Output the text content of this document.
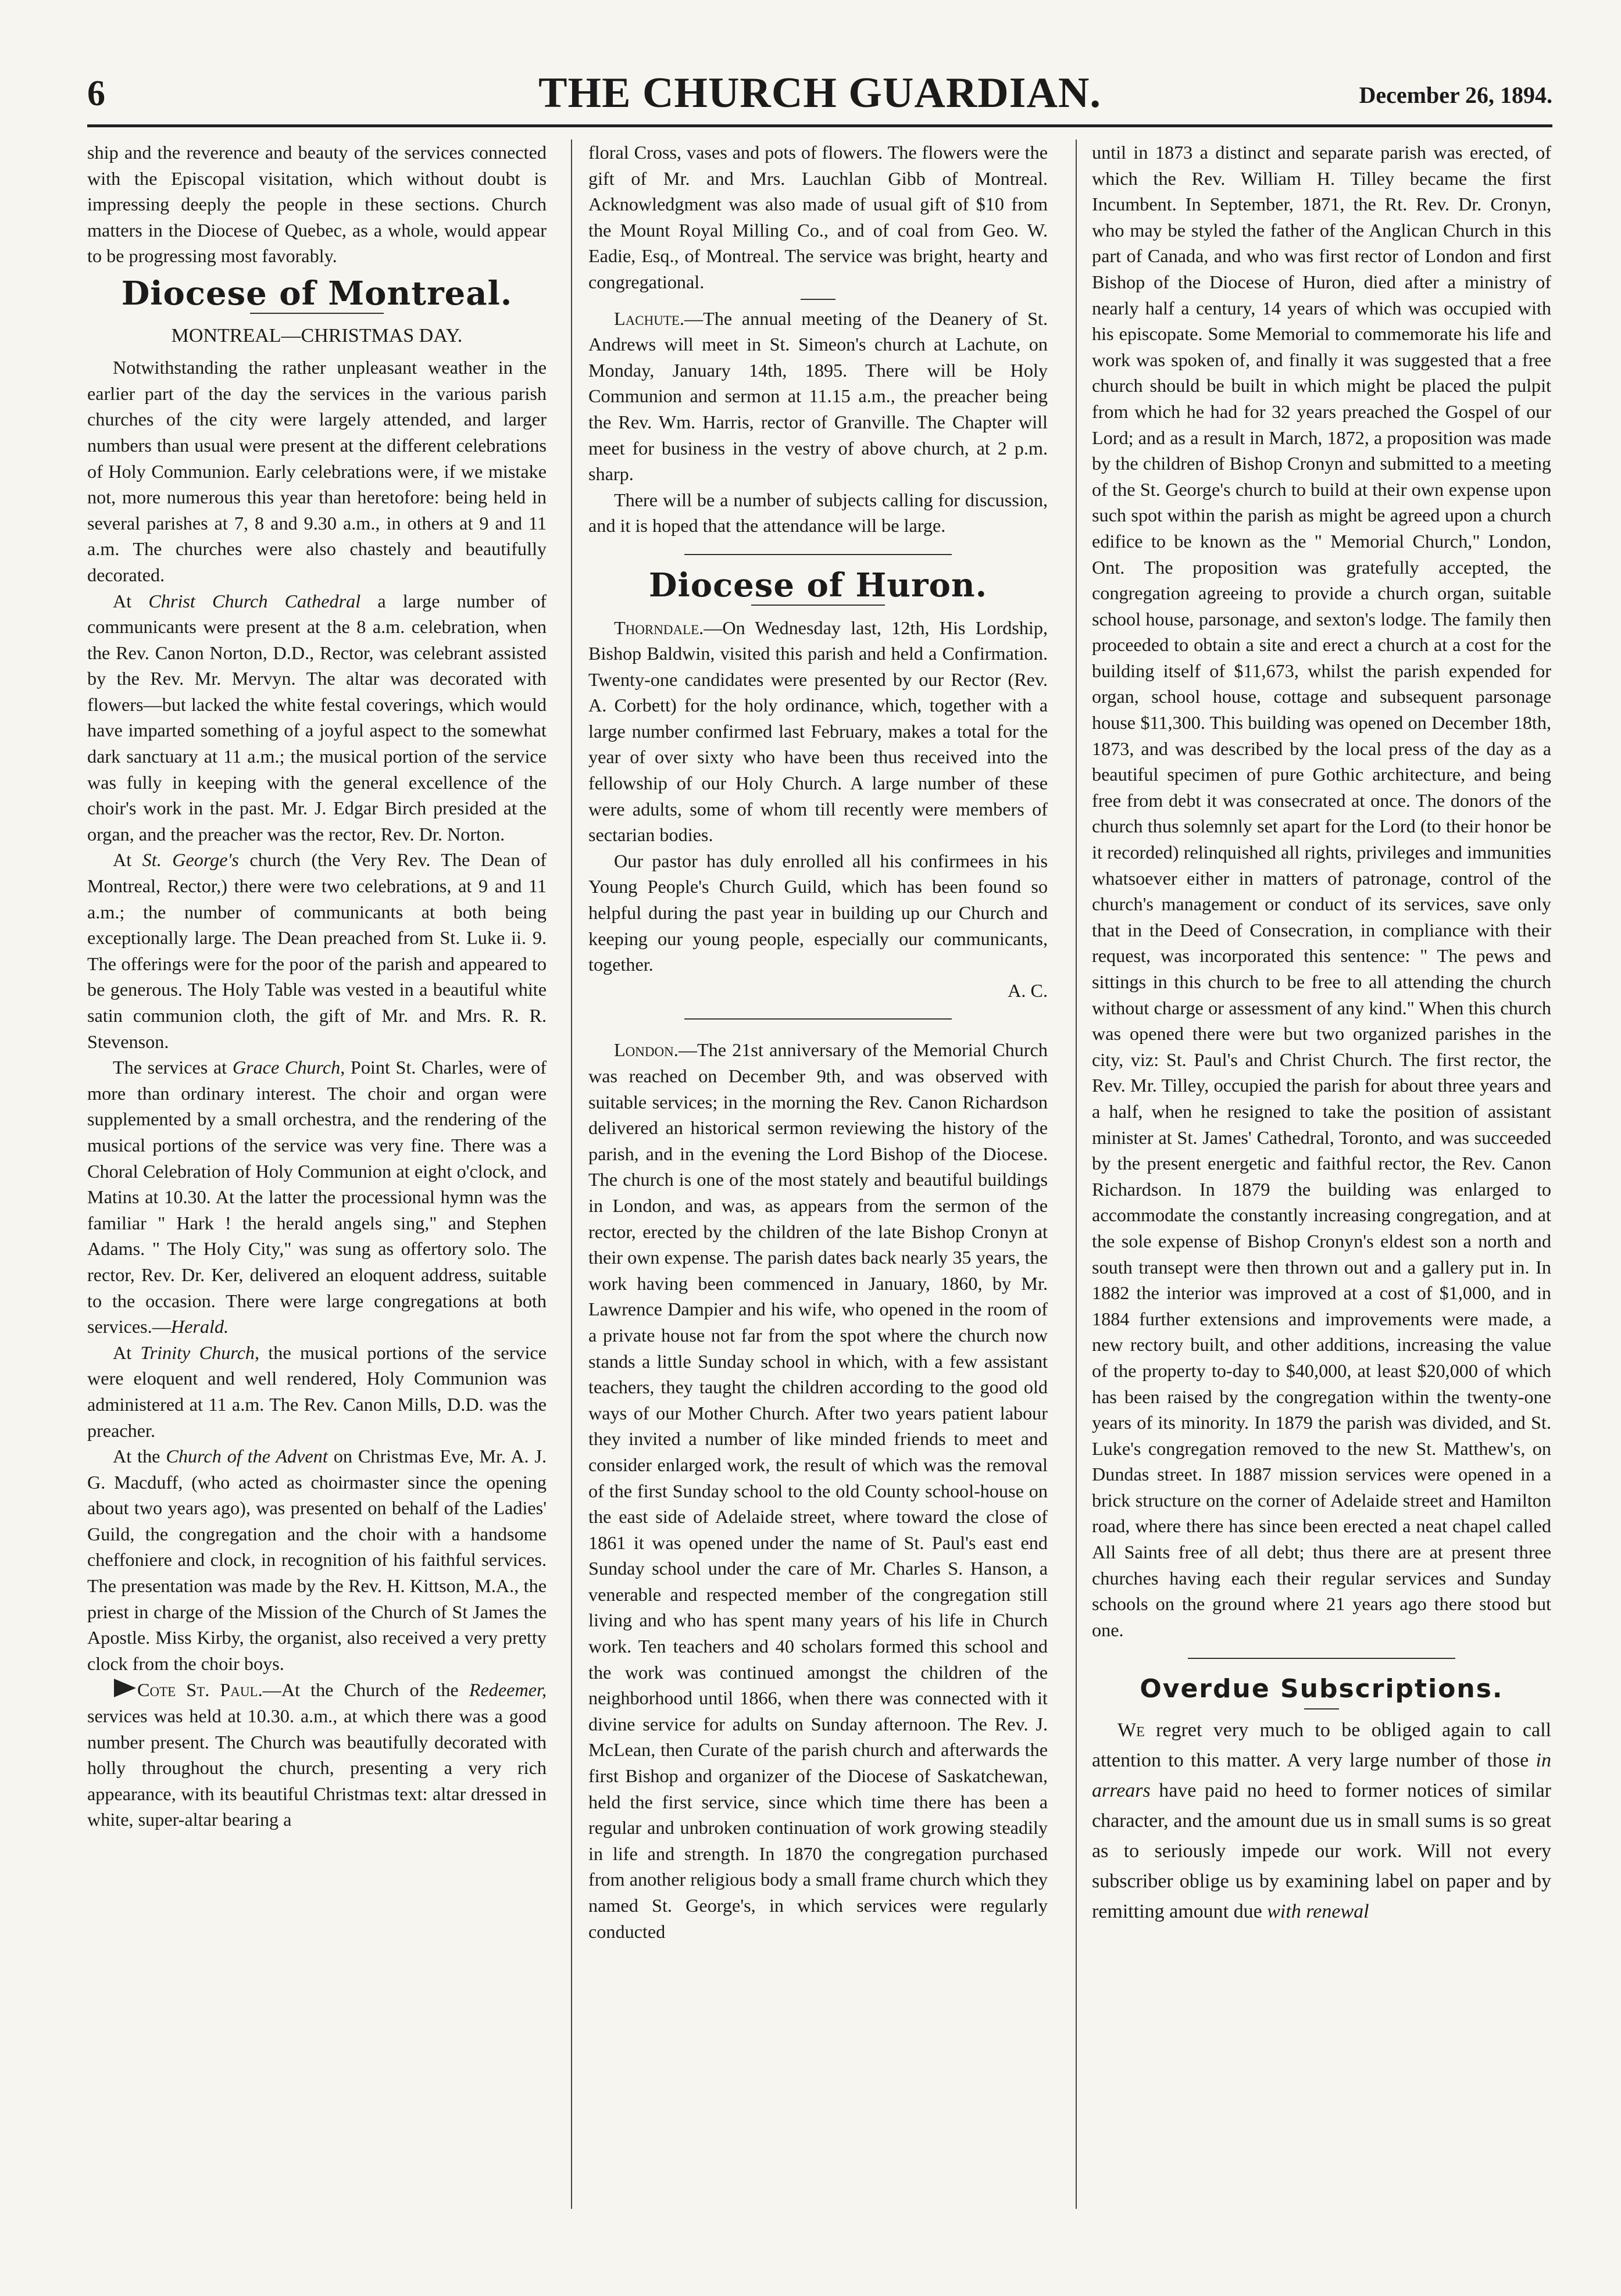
6	THE CHURCH GUARDIAN.	December 26, 1894.

ship and the reverence and beauty of the services connected with the Episcopal visitation, which without doubt is impressing deeply the people in these sections. Church matters in the Diocese of Quebec, as a whole, would appear to be progressing most favorably.

Diocese of Montreal.
MONTREAL—CHRISTMAS DAY.

Notwithstanding the rather unpleasant weather in the earlier part of the day the services in the various parish churches of the city were largely attended, and larger numbers than usual were present at the different celebrations of Holy Communion. Early celebrations were, if we mistake not, more numerous this year than heretofore: being held in several parishes at 7, 8 and 9.30 a.m., in others at 9 and 11 a.m. The churches were also chastely and beautifully decorated.

At Christ Church Cathedral a large number of communicants were present at the 8 a.m. celebration, when the Rev. Canon Norton, D.D., Rector, was celebrant assisted by the Rev. Mr. Mervyn. The altar was decorated with flowers—but lacked the white festal coverings, which would have imparted something of a joyful aspect to the somewhat dark sanctuary at 11 a.m.; the musical portion of the service was fully in keeping with the general excellence of the choir's work in the past. Mr. J. Edgar Birch presided at the organ, and the preacher was the rector, Rev. Dr. Norton.

At St. George's church (the Very Rev. The Dean of Montreal, Rector,) there were two celebrations, at 9 and 11 a.m.; the number of communicants at both being exceptionally large. The Dean preached from St. Luke ii. 9. The offerings were for the poor of the parish and appeared to be generous. The Holy Table was vested in a beautiful white satin communion cloth, the gift of Mr. and Mrs. R. R. Stevenson.

The services at Grace Church, Point St. Charles, were of more than ordinary interest. The choir and organ were supplemented by a small orchestra, and the rendering of the musical portions of the service was very fine. There was a Choral Celebration of Holy Communion at eight o'clock, and Matins at 10.30. At the latter the processional hymn was the familiar " Hark ! the herald angels sing," and Stephen Adams. " The Holy City," was sung as offertory solo. The rector, Rev. Dr. Ker, delivered an eloquent address, suitable to the occasion. There were large congregations at both services.—Herald.

At Trinity Church, the musical portions of the service were eloquent and well rendered, Holy Communion was administered at 11 a.m. The Rev. Canon Mills, D.D. was the preacher.

At the Church of the Advent on Christmas Eve, Mr. A. J. G. Macduff, (who acted as choirmaster since the opening about two years ago), was presented on behalf of the Ladies' Guild, the congregation and the choir with a handsome cheffoniere and clock, in recognition of his faithful services. The presentation was made by the Rev. H. Kittson, M.A., the priest in charge of the Mission of the Church of St James the Apostle. Miss Kirby, the organist, also received a very pretty clock from the choir boys.

Cote St. Paul.—At the Church of the Redeemer, services was held at 10.30. a.m., at which there was a good number present. The Church was beautifully decorated with holly throughout the church, presenting a very rich appearance, with its beautiful Christmas text: altar dressed in white, super-altar bearing a

floral Cross, vases and pots of flowers. The flowers were the gift of Mr. and Mrs. Lauchlan Gibb of Montreal. Acknowledgment was also made of usual gift of $10 from the Mount Royal Milling Co., and of coal from Geo. W. Eadie, Esq., of Montreal. The service was bright, hearty and congregational.

Lachute.—The annual meeting of the Deanery of St. Andrews will meet in St. Simeon's church at Lachute, on Monday, January 14th, 1895. There will be Holy Communion and sermon at 11.15 a.m., the preacher being the Rev. Wm. Harris, rector of Granville. The Chapter will meet for business in the vestry of above church, at 2 p.m. sharp.

There will be a number of subjects calling for discussion, and it is hoped that the attendance will be large.

Diocese of Huron.

Thorndale.—On Wednesday last, 12th, His Lordship, Bishop Baldwin, visited this parish and held a Confirmation. Twenty-one candidates were presented by our Rector (Rev. A. Corbett) for the holy ordinance, which, together with a large number confirmed last February, makes a total for the year of over sixty who have been thus received into the fellowship of our Holy Church. A large number of these were adults, some of whom till recently were members of sectarian bodies.

Our pastor has duly enrolled all his confirmees in his Young People's Church Guild, which has been found so helpful during the past year in building up our Church and keeping our young people, especially our communicants, together.

A. C.

London.—The 21st anniversary of the Memorial Church was reached on December 9th, and was observed with suitable services; in the morning the Rev. Canon Richardson delivered an historical sermon reviewing the history of the parish, and in the evening the Lord Bishop of the Diocese. The church is one of the most stately and beautiful buildings in London, and was, as appears from the sermon of the rector, erected by the children of the late Bishop Cronyn at their own expense. The parish dates back nearly 35 years, the work having been commenced in January, 1860, by Mr. Lawrence Dampier and his wife, who opened in the room of a private house not far from the spot where the church now stands a little Sunday school in which, with a few assistant teachers, they taught the children according to the good old ways of our Mother Church. After two years patient labour they invited a number of like minded friends to meet and consider enlarged work, the result of which was the removal of the first Sunday school to the old County school-house on the east side of Adelaide street, where toward the close of 1861 it was opened under the name of St. Paul's east end Sunday school under the care of Mr. Charles S. Hanson, a venerable and respected member of the congregation still living and who has spent many years of his life in Church work. Ten teachers and 40 scholars formed this school and the work was continued amongst the children of the neighborhood until 1866, when there was connected with it divine service for adults on Sunday afternoon. The Rev. J. McLean, then Curate of the parish church and afterwards the first Bishop and organizer of the Diocese of Saskatchewan, held the first service, since which time there has been a regular and unbroken continuation of work growing steadily in life and strength. In 1870 the congregation purchased from another religious body a small frame church which they named St. George's, in which services were regularly conducted

until in 1873 a distinct and separate parish was erected, of which the Rev. William H. Tilley became the first Incumbent. In September, 1871, the Rt. Rev. Dr. Cronyn, who may be styled the father of the Anglican Church in this part of Canada, and who was first rector of London and first Bishop of the Diocese of Huron, died after a ministry of nearly half a century, 14 years of which was occupied with his episcopate. Some Memorial to commemorate his life and work was spoken of, and finally it was suggested that a free church should be built in which might be placed the pulpit from which he had for 32 years preached the Gospel of our Lord; and as a result in March, 1872, a proposition was made by the children of Bishop Cronyn and submitted to a meeting of the St. George's church to build at their own expense upon such spot within the parish as might be agreed upon a church edifice to be known as the " Memorial Church," London, Ont. The proposition was gratefully accepted, the congregation agreeing to provide a church organ, suitable school house, parsonage, and sexton's lodge. The family then proceeded to obtain a site and erect a church at a cost for the building itself of $11,673, whilst the parish expended for organ, school house, cottage and subsequent parsonage house $11,300. This building was opened on December 18th, 1873, and was described by the local press of the day as a beautiful specimen of pure Gothic architecture, and being free from debt it was consecrated at once. The donors of the church thus solemnly set apart for the Lord (to their honor be it recorded) relinquished all rights, privileges and immunities whatsoever either in matters of patronage, control of the church's management or conduct of its services, save only that in the Deed of Consecration, in compliance with their request, was incorporated this sentence: " The pews and sittings in this church to be free to all attending the church without charge or assessment of any kind." When this church was opened there were but two organized parishes in the city, viz: St. Paul's and Christ Church. The first rector, the Rev. Mr. Tilley, occupied the parish for about three years and a half, when he resigned to take the position of assistant minister at St. James' Cathedral, Toronto, and was succeeded by the present energetic and faithful rector, the Rev. Canon Richardson. In 1879 the building was enlarged to accommodate the constantly increasing congregation, and at the sole expense of Bishop Cronyn's eldest son a north and south transept were then thrown out and a gallery put in. In 1882 the interior was improved at a cost of $1,000, and in 1884 further extensions and improvements were made, a new rectory built, and other additions, increasing the value of the property to-day to $40,000, at least $20,000 of which has been raised by the congregation within the twenty-one years of its minority. In 1879 the parish was divided, and St. Luke's congregation removed to the new St. Matthew's, on Dundas street. In 1887 mission services were opened in a brick structure on the corner of Adelaide street and Hamilton road, where there has since been erected a neat chapel called All Saints free of all debt; thus there are at present three churches having each their regular services and Sunday schools on the ground where 21 years ago there stood but one.

Overdue Subscriptions.

We regret very much to be obliged again to call attention to this matter. A very large number of those in arrears have paid no heed to former notices of similar character, and the amount due us in small sums is so great as to seriously impede our work. Will not every subscriber oblige us by examining label on paper and by remitting amount due with renewal
